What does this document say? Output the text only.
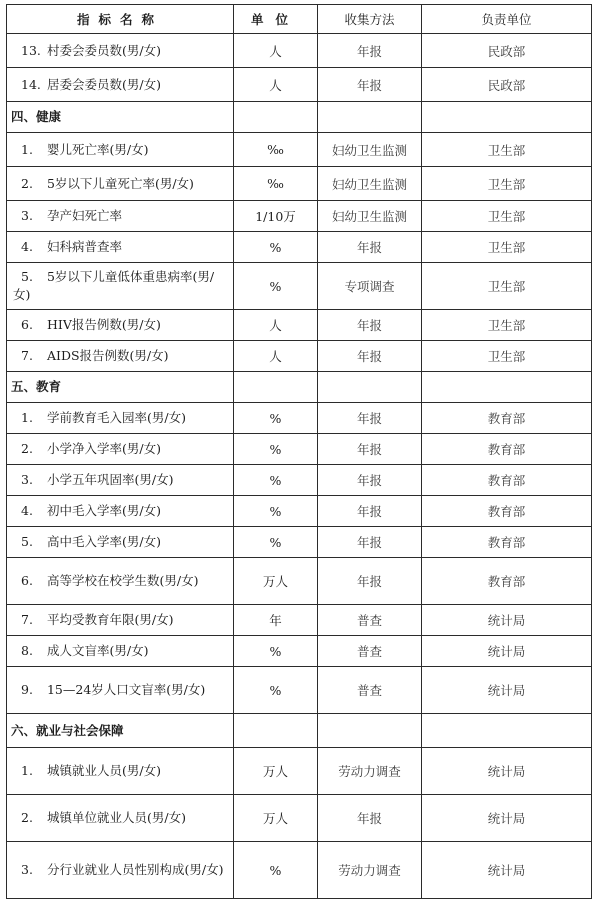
指标名称	单位	收集方法	负责单位
13. 村委会委员数(男/女)	人	年报	民政部
14. 居委会委员数(男/女)	人	年报	民政部
四、健康			
1. 婴儿死亡率(男/女)	‰	妇幼卫生监测	卫生部
2. 5岁以下儿童死亡率(男/女)	‰	妇幼卫生监测	卫生部
3. 孕产妇死亡率	1/10万	妇幼卫生监测	卫生部
4. 妇科病普查率	%	年报	卫生部
5. 5岁以下儿童低体重患病率(男/女)	%	专项调查	卫生部
6. HIV报告例数(男/女)	人	年报	卫生部
7. AIDS报告例数(男/女)	人	年报	卫生部
五、教育			
1. 学前教育毛入园率(男/女)	%	年报	教育部
2. 小学净入学率(男/女)	%	年报	教育部
3. 小学五年巩固率(男/女)	%	年报	教育部
4. 初中毛入学率(男/女)	%	年报	教育部
5. 高中毛入学率(男/女)	%	年报	教育部
6. 高等学校在校学生数(男/女)	万人	年报	教育部
7. 平均受教育年限(男/女)	年	普查	统计局
8. 成人文盲率(男/女)	%	普查	统计局
9. 15—24岁人口文盲率(男/女)	%	普查	统计局
六、就业与社会保障			
1. 城镇就业人员(男/女)	万人	劳动力调查	统计局
2. 城镇单位就业人员(男/女)	万人	年报	统计局
3. 分行业就业人员性别构成(男/女)	%	劳动力调查	统计局
